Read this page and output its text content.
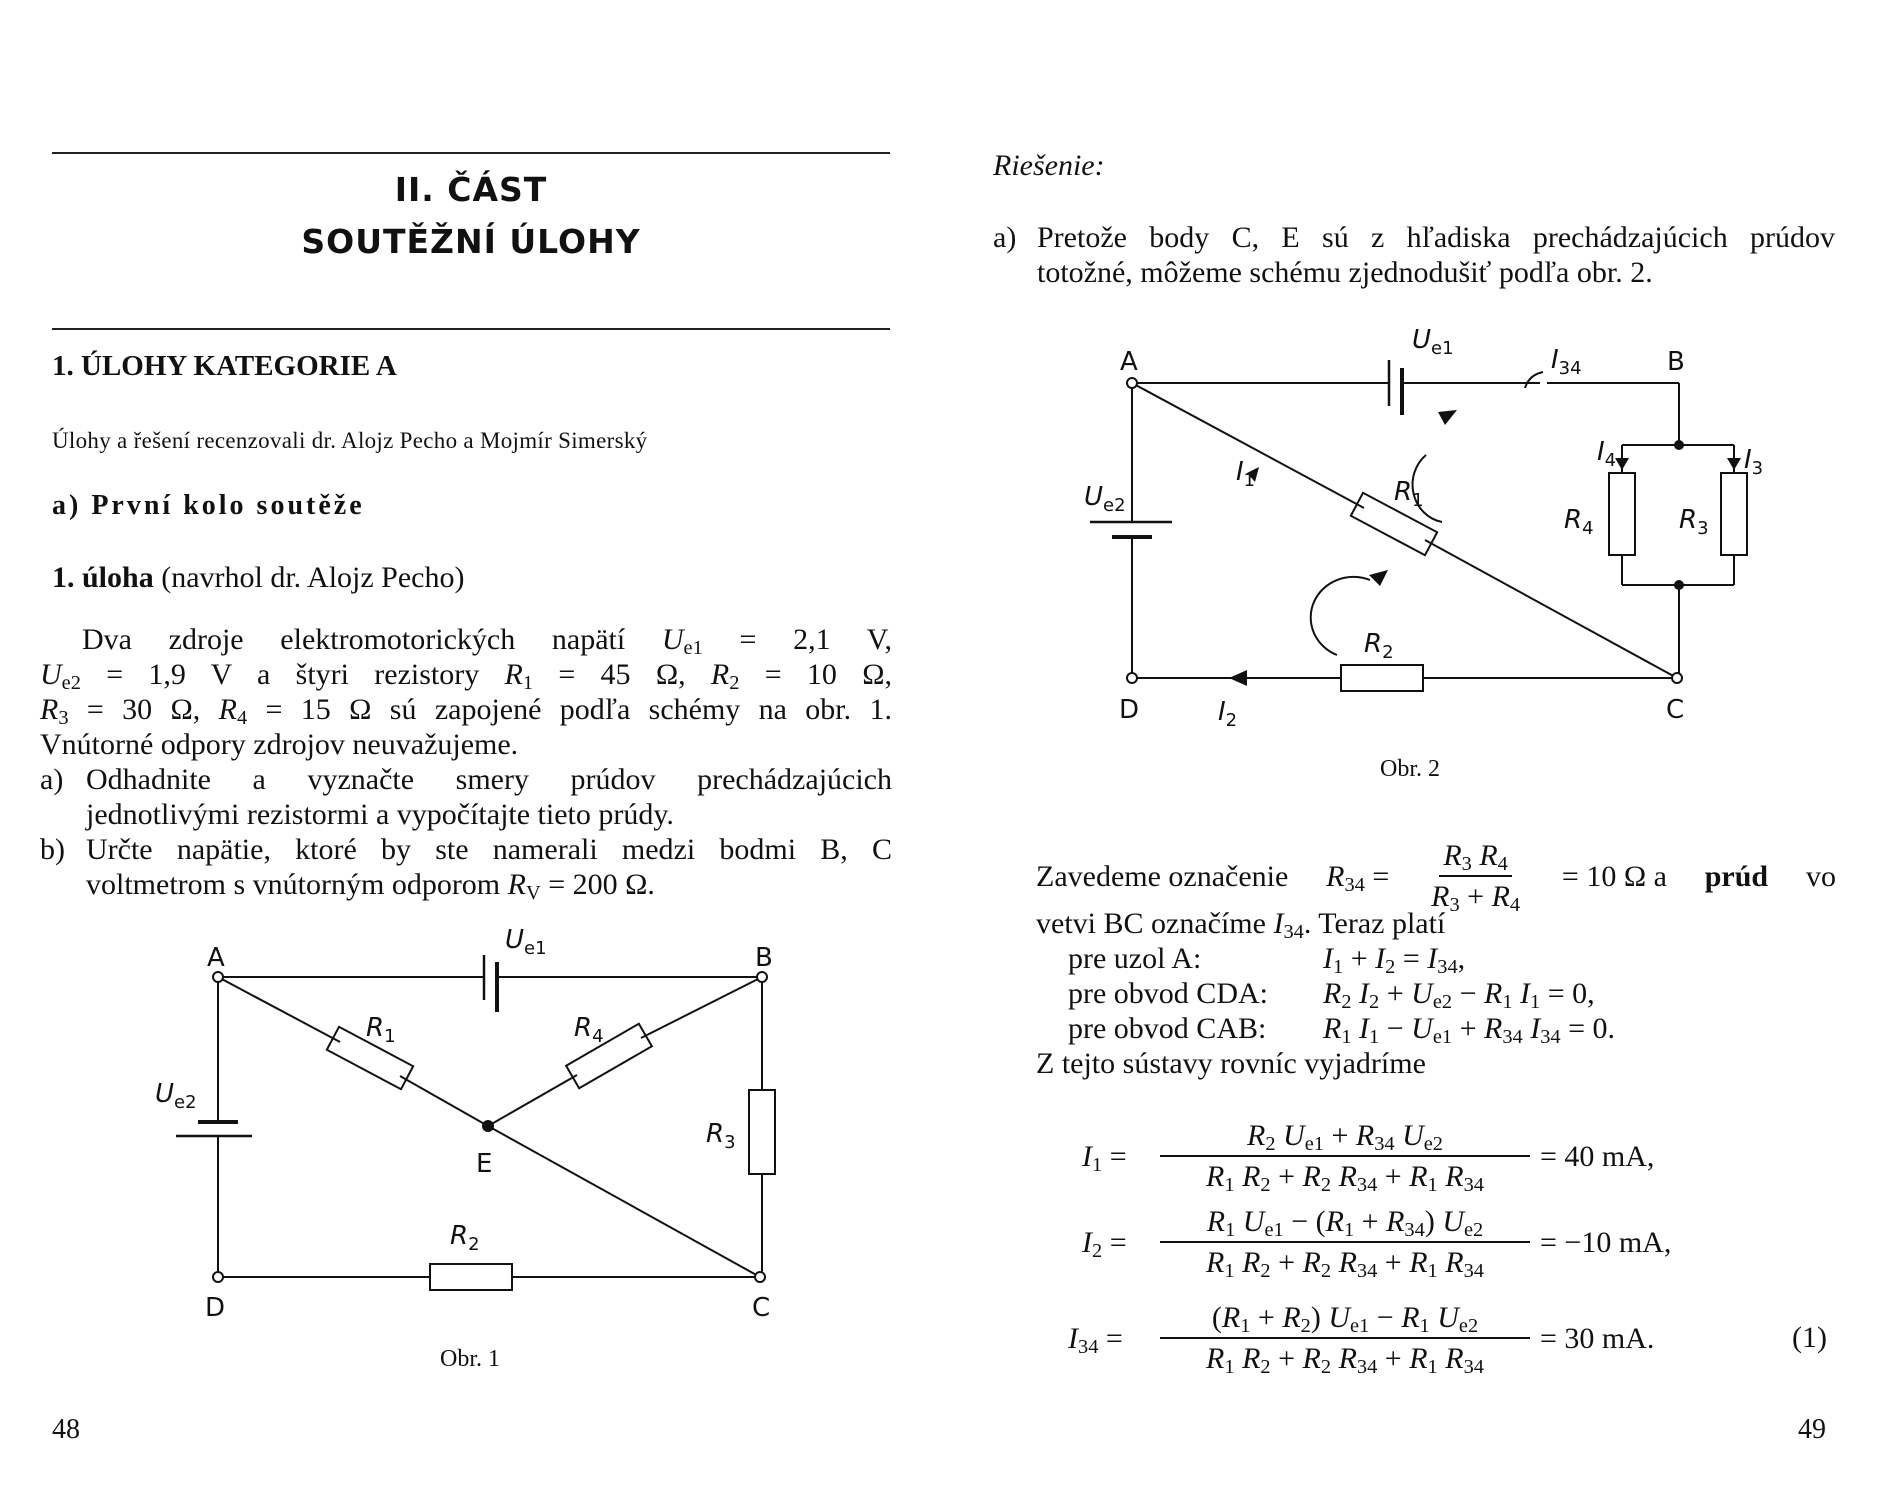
II. ČÁST
SOUTĚŽNÍ ÚLOHY
1. ÚLOHY KATEGORIE A
Úlohy a řešení recenzovali dr. Alojz Pecho a Mojmír Simerský
a) První kolo soutěže
1. úloha (navrhol dr. Alojz Pecho)
Dva zdroje elektromotorických napätí $U_{e1} = 2,1$ V,
$U_{e2} = 1,9$ V a štyri rezistory $R_1 = 45$ Ω, $R_2 = 10$ Ω,
$R_3 = 30$ Ω, $R_4 = 15$ Ω sú zapojené podľa schémy na obr. 1.
Vnútorné odpory zdrojov neuvažujeme.
a) Odhadnite a vyznačte smery prúdov prechádzajúcich
jednotlivými rezistormi a vypočítajte tieto prúdy.
b) Určte napätie, ktoré by ste namerali medzi bodmi B, C
voltmetrom s vnútorným odporom $R_V = 200$ Ω.
A	B
D	C
E
$U_{e1}$
$U_{e2}$
$R_1$	$R_4$
$R_3$
$R_2$
Obr. 1
48
Riešenie:
a) Pretože body C, E sú z hľadiska prechádzajúcich prúdov
totožné, môžeme schému zjednodušiť podľa obr. 2.
A	B
D	C
$U_{e1}$
$U_{e2}$
$I_{34}$
$I_1$
$I_2$
$I_4$	$I_3$
$R_1$
$R_4$	$R_3$
$R_2$
Obr. 2
Zavedeme označenie $R_{34} = \frac{R_3 R_4}{R_3 + R_4} = 10$ Ω a prúd vo
vetvi BC označíme $I_{34}$. Teraz platí
pre uzol A:	$I_1 + I_2 = I_{34}$,
pre obvod CDA:	$R_2$ $I_2 + U_{e2} - R_1$ $I_1 = 0$,
pre obvod CAB:	$R_1$ $I_1 - U_{e1} + R_{34}$ $I_{34} = 0$.
Z tejto sústavy rovníc vyjadríme
$I_1$ =	$\frac{R_2 U_{e1} + R_{34} U_{e2}}{R_1 R_2 + R_2 R_{34} + R_1 R_{34}} = 40$ mA,
$I_2$ =	$\frac{R_1 U_{e1} - (R_1 + R_{34}) U_{e2}}{R_1 R_2 + R_2 R_{34} + R_1 R_{34}} = -10$ mA,
$I_{34}$ =	$\frac{(R_1 + R_2) U_{e1} - R_1 U_{e2}}{R_1 R_2 + R_2 R_{34} + R_1 R_{34}} = 30$ mA.	(1)
49
